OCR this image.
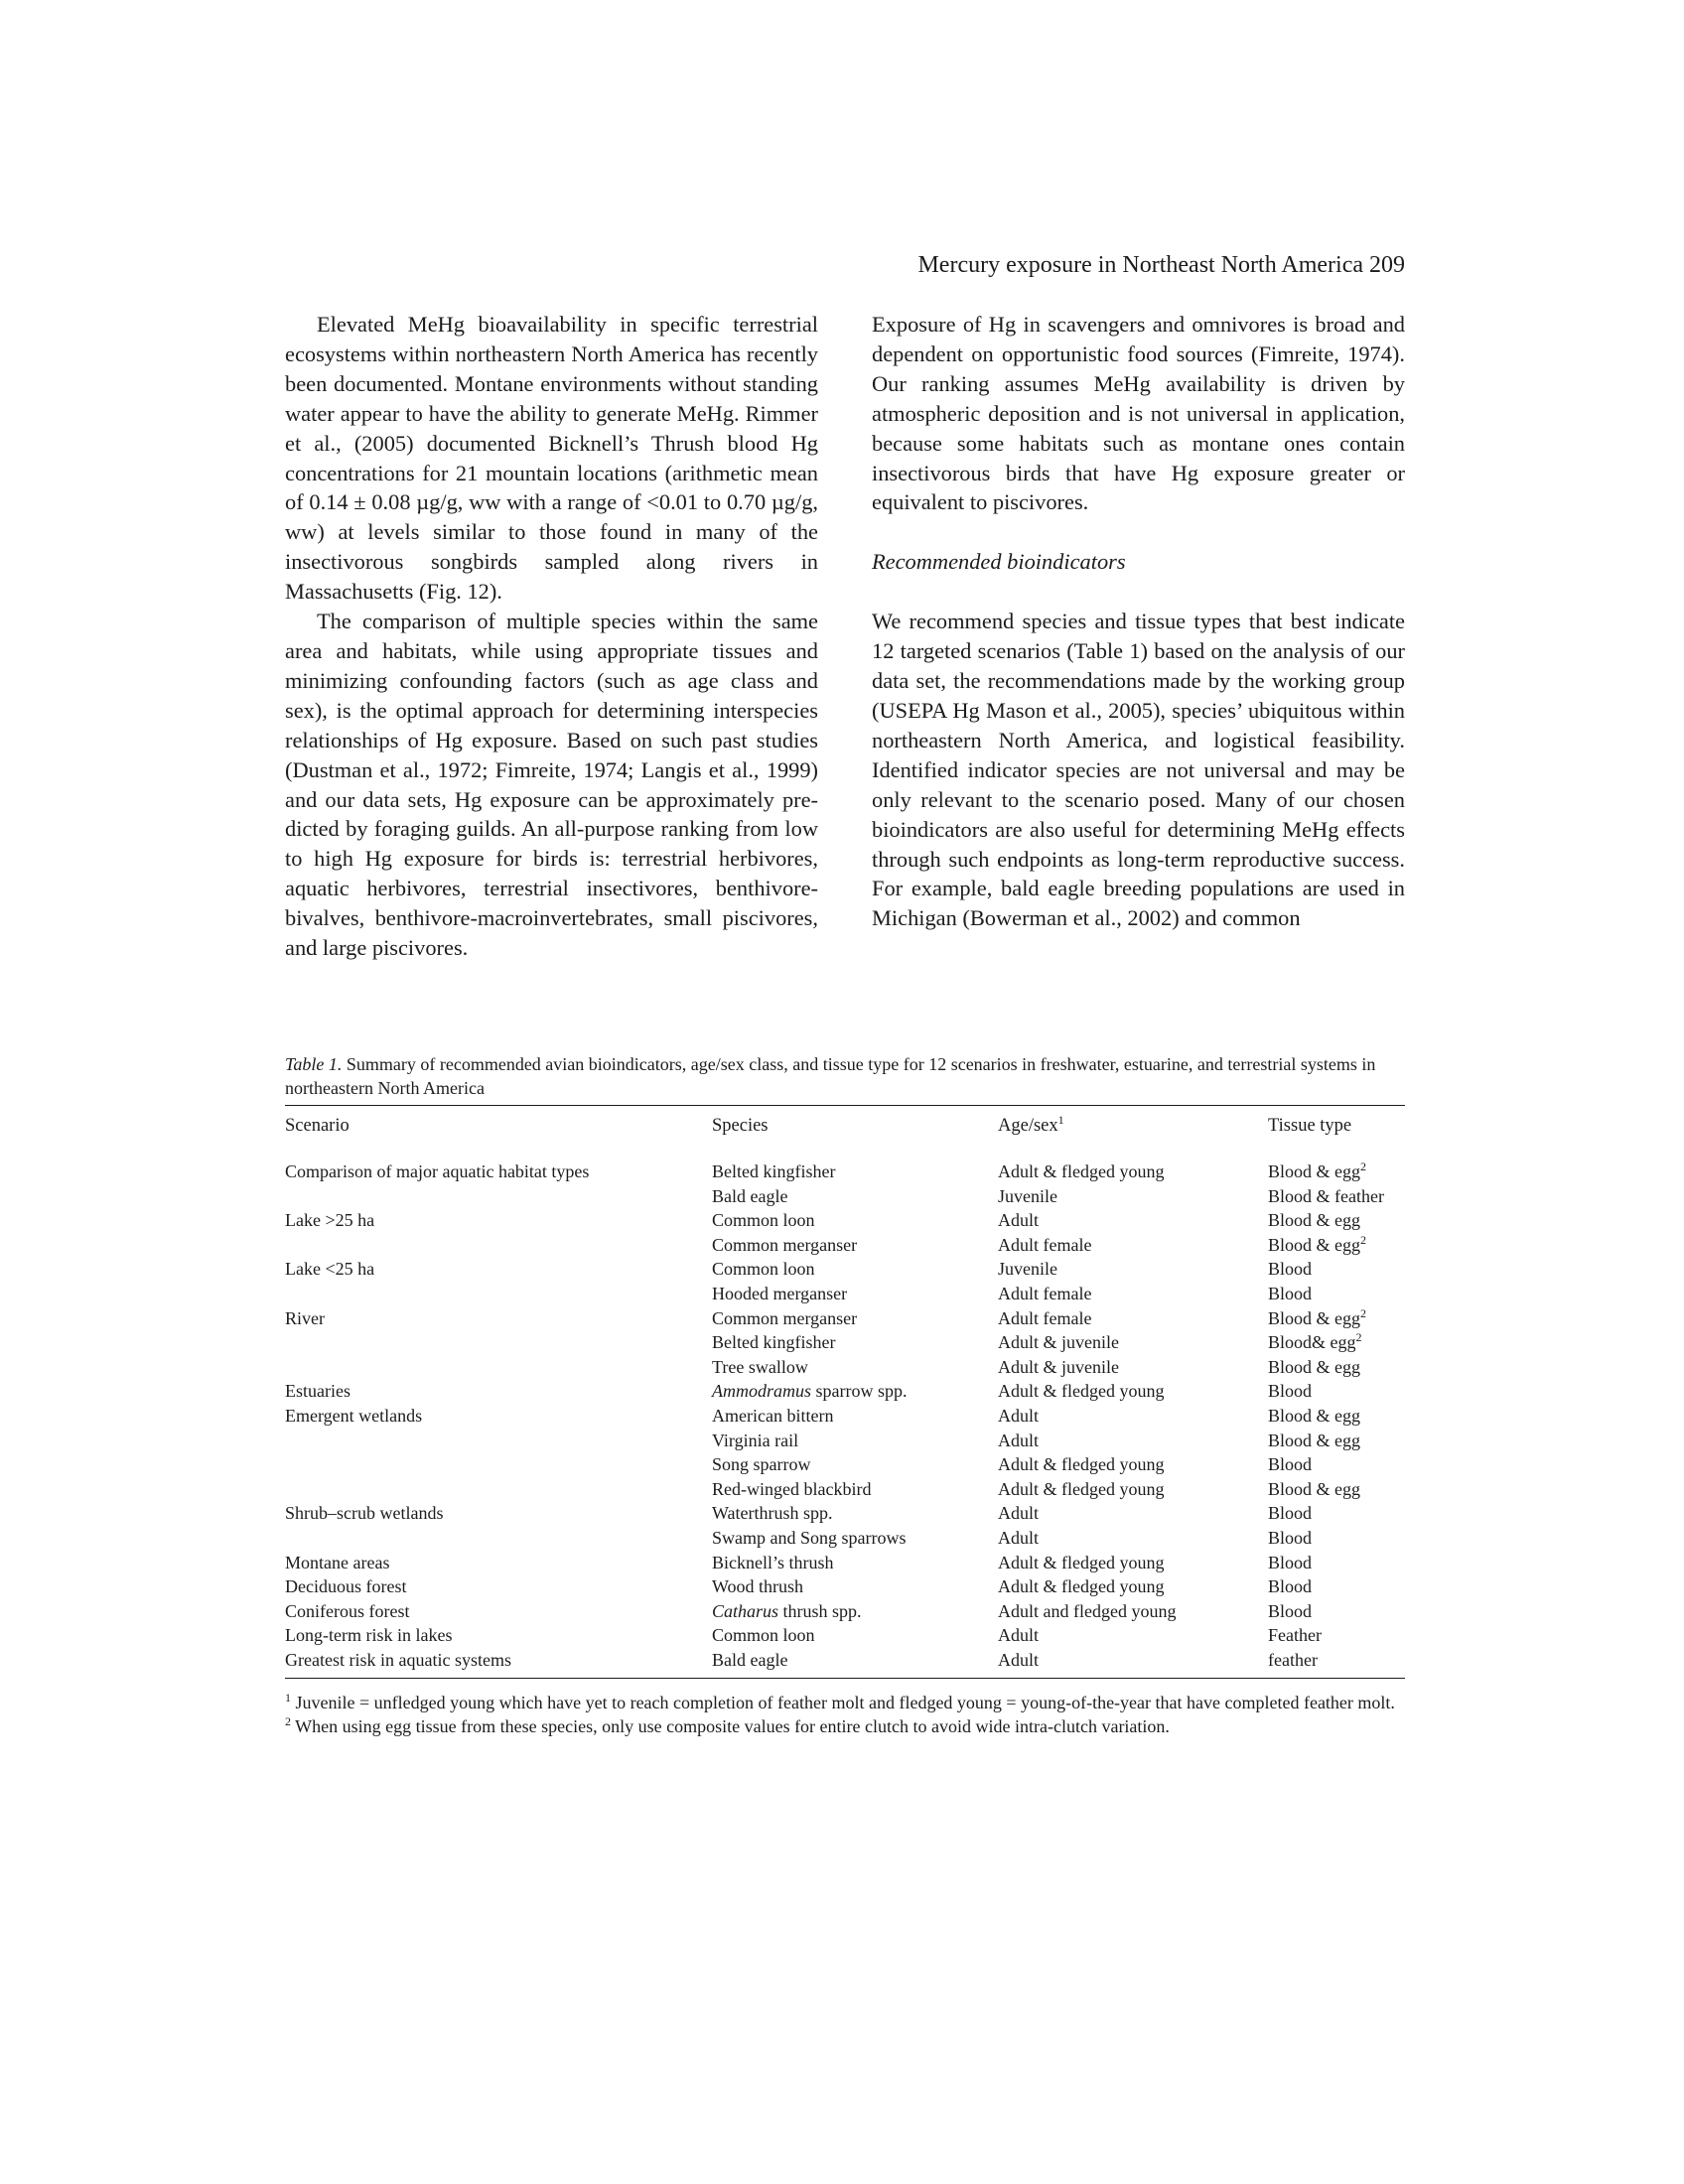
Mercury exposure in Northeast North America 209

Elevated MeHg bioavailability in specific terrestrial ecosystems within northeastern North America has recently been documented. Montane environments without standing water appear to have the ability to generate MeHg. Rimmer et al., (2005) documented Bicknell’s Thrush blood Hg concentrations for 21 mountain locations (arithmetic mean of 0.14 ± 0.08 µg/g, ww with a range of <0.01 to 0.70 µg/g, ww) at levels similar to those found in many of the insectivorous songbirds sampled along rivers in Massachusetts (Fig. 12).

The comparison of multiple species within the same area and habitats, while using appropriate tissues and minimizing confounding factors (such as age class and sex), is the optimal approach for determining interspecies relationships of Hg exposure. Based on such past studies (Dustman et al., 1972; Fimreite, 1974; Langis et al., 1999) and our data sets, Hg exposure can be approximately predicted by foraging guilds. An all-purpose ranking from low to high Hg exposure for birds is: terrestrial herbivores, aquatic herbivores, terrestrial insectivores, benthivore-bivalves, benthivore-macroinvertebrates, small piscivores, and large piscivores.

Exposure of Hg in scavengers and omnivores is broad and dependent on opportunistic food sources (Fimreite, 1974). Our ranking assumes MeHg availability is driven by atmospheric deposition and is not universal in application, because some habitats such as montane ones contain insectivorous birds that have Hg exposure greater or equivalent to piscivores.

Recommended bioindicators

We recommend species and tissue types that best indicate 12 targeted scenarios (Table 1) based on the analysis of our data set, the recommendations made by the working group (USEPA Hg Mason et al., 2005), species’ ubiquitous within northeastern North America, and logistical feasibility. Identified indicator species are not universal and may be only relevant to the scenario posed. Many of our chosen bioindicators are also useful for determining MeHg effects through such endpoints as long-term reproductive success. For example, bald eagle breeding populations are used in Michigan (Bowerman et al., 2002) and common

Table 1. Summary of recommended avian bioindicators, age/sex class, and tissue type for 12 scenarios in freshwater, estuarine, and terrestrial systems in northeastern North America

Scenario	Species	Age/sex$^1$	Tissue type
Comparison of major aquatic habitat types	Belted kingfisher	Adult & fledged young	Blood & egg$^2$
	Bald eagle	Juvenile	Blood & feather
Lake >25 ha	Common loon	Adult	Blood & egg
	Common merganser	Adult female	Blood & egg$^2$
Lake <25 ha	Common loon	Juvenile	Blood
	Hooded merganser	Adult female	Blood
River	Common merganser	Adult female	Blood & egg$^2$
	Belted kingfisher	Adult & juvenile	Blood& egg$^2$
	Tree swallow	Adult & juvenile	Blood & egg
Estuaries	Ammodramus sparrow spp.	Adult & fledged young	Blood
Emergent wetlands	American bittern	Adult	Blood & egg
	Virginia rail	Adult	Blood & egg
	Song sparrow	Adult & fledged young	Blood
	Red-winged blackbird	Adult & fledged young	Blood & egg
Shrub–scrub wetlands	Waterthrush spp.	Adult	Blood
	Swamp and Song sparrows	Adult	Blood
Montane areas	Bicknell’s thrush	Adult & fledged young	Blood
Deciduous forest	Wood thrush	Adult & fledged young	Blood
Coniferous forest	Catharus thrush spp.	Adult and fledged young	Blood
Long-term risk in lakes	Common loon	Adult	Feather
Greatest risk in aquatic systems	Bald eagle	Adult	feather

$^1$ Juvenile = unfledged young which have yet to reach completion of feather molt and fledged young = young-of-the-year that have completed feather molt.

$^2$ When using egg tissue from these species, only use composite values for entire clutch to avoid wide intra-clutch variation.
